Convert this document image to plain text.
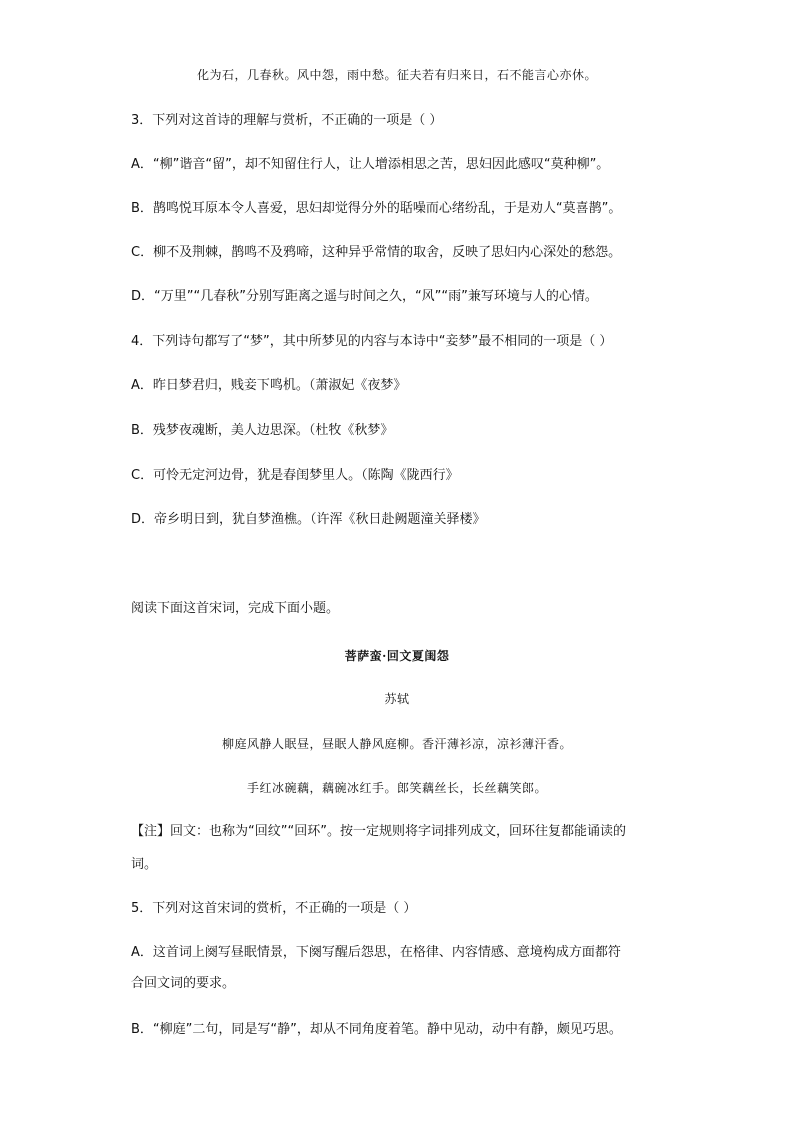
化为石，几春秋。风中怨，雨中愁。征夫若有归来日，石不能言心亦休。
3．下列对这首诗的理解与赏析，不正确的一项是（ ）
A．“柳”谐音“留”，却不知留住行人，让人增添相思之苦，思妇因此感叹“莫种柳”。
B．鹊鸣悦耳原本令人喜爱，思妇却觉得分外的聒噪而心绪纷乱，于是劝人“莫喜鹊”。
C．柳不及荆棘，鹊鸣不及鸦啼，这种异乎常情的取舍，反映了思妇内心深处的愁怨。
D．“万里”“几春秋”分别写距离之遥与时间之久，“风”“雨”兼写环境与人的心情。
4．下列诗句都写了“梦”，其中所梦见的内容与本诗中“妾梦”最不相同的一项是（ ）
A．昨日梦君归，贱妾下鸣机。（萧淑妃《夜梦》
B．残梦夜魂断，美人边思深。（杜牧《秋梦》
C．可怜无定河边骨，犹是春闺梦里人。（陈陶《陇西行》
D．帝乡明日到，犹自梦渔樵。（许浑《秋日赴阙题潼关驿楼》
阅读下面这首宋词，完成下面小题。
菩萨蛮·回文夏闺怨
苏轼
柳庭风静人眠昼，昼眠人静风庭柳。香汗薄衫凉，凉衫薄汗香。
手红冰碗藕，藕碗冰红手。郎笑藕丝长，长丝藕笑郎。
【注】回文：也称为“回纹”“回环”。按一定规则将字词排列成文，回环往复都能诵读的
词。
5．下列对这首宋词的赏析，不正确的一项是（ ）
A．这首词上阕写昼眠情景，下阕写醒后怨思，在格律、内容情感、意境构成方面都符
合回文词的要求。
B．“柳庭”二句，同是写“静”，却从不同角度着笔。静中见动，动中有静，颇见巧思。
